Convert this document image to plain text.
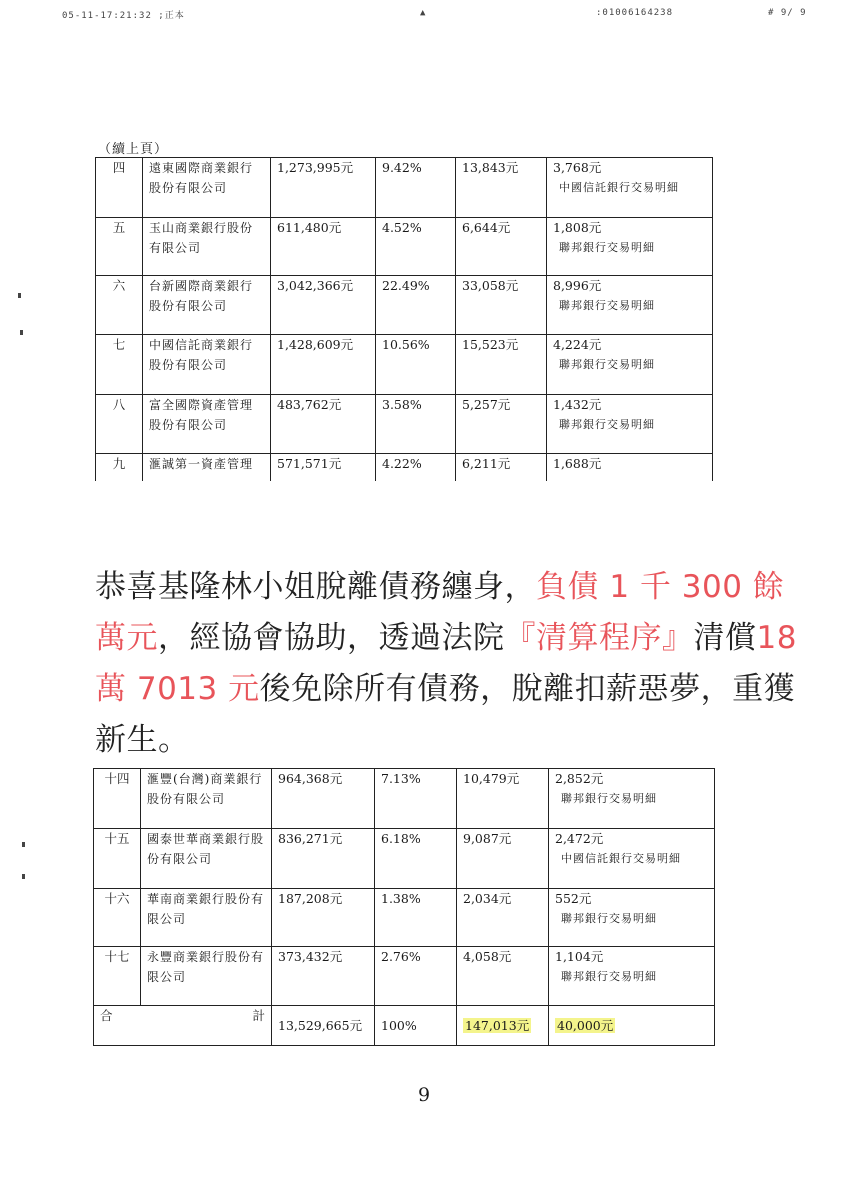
05-11-17:21:32 ;正本	▲	:01006164238	# 9/ 9
（續上頁）
四	遠東國際商業銀行股份有限公司	1,273,995元	9.42%	13,843元	3,768元
中國信託銀行交易明細

五	玉山商業銀行股份有限公司	611,480元	4.52%	6,644元	1,808元
聯邦銀行交易明細

六	台新國際商業銀行股份有限公司	3,042,366元	22.49%	33,058元	8,996元
聯邦銀行交易明細

七	中國信託商業銀行股份有限公司	1,428,609元	10.56%	15,523元	4,224元
聯邦銀行交易明細

八	富全國際資產管理股份有限公司	483,762元	3.58%	5,257元	1,432元
聯邦銀行交易明細

九	滙誠第一資產管理	571,571元	4.22%	6,211元	1,688元
恭喜基隆林小姐脫離債務纏身，負債 1 千 300 餘萬元，經協會協助，透過法院『清算程序』清償18 萬 7013 元後免除所有債務，脫離扣薪惡夢，重獲新生。
十四	滙豐(台灣)商業銀行股份有限公司	964,368元	7.13%	10,479元	2,852元
聯邦銀行交易明細

十五	國泰世華商業銀行股份有限公司	836,271元	6.18%	9,087元	2,472元
中國信託銀行交易明細

十六	華南商業銀行股份有限公司	187,208元	1.38%	2,034元	552元
聯邦銀行交易明細

十七	永豐商業銀行股份有限公司	373,432元	2.76%	4,058元	1,104元
聯邦銀行交易明細

合 計		13,529,665元	100%	147,013元	40,000元
9
